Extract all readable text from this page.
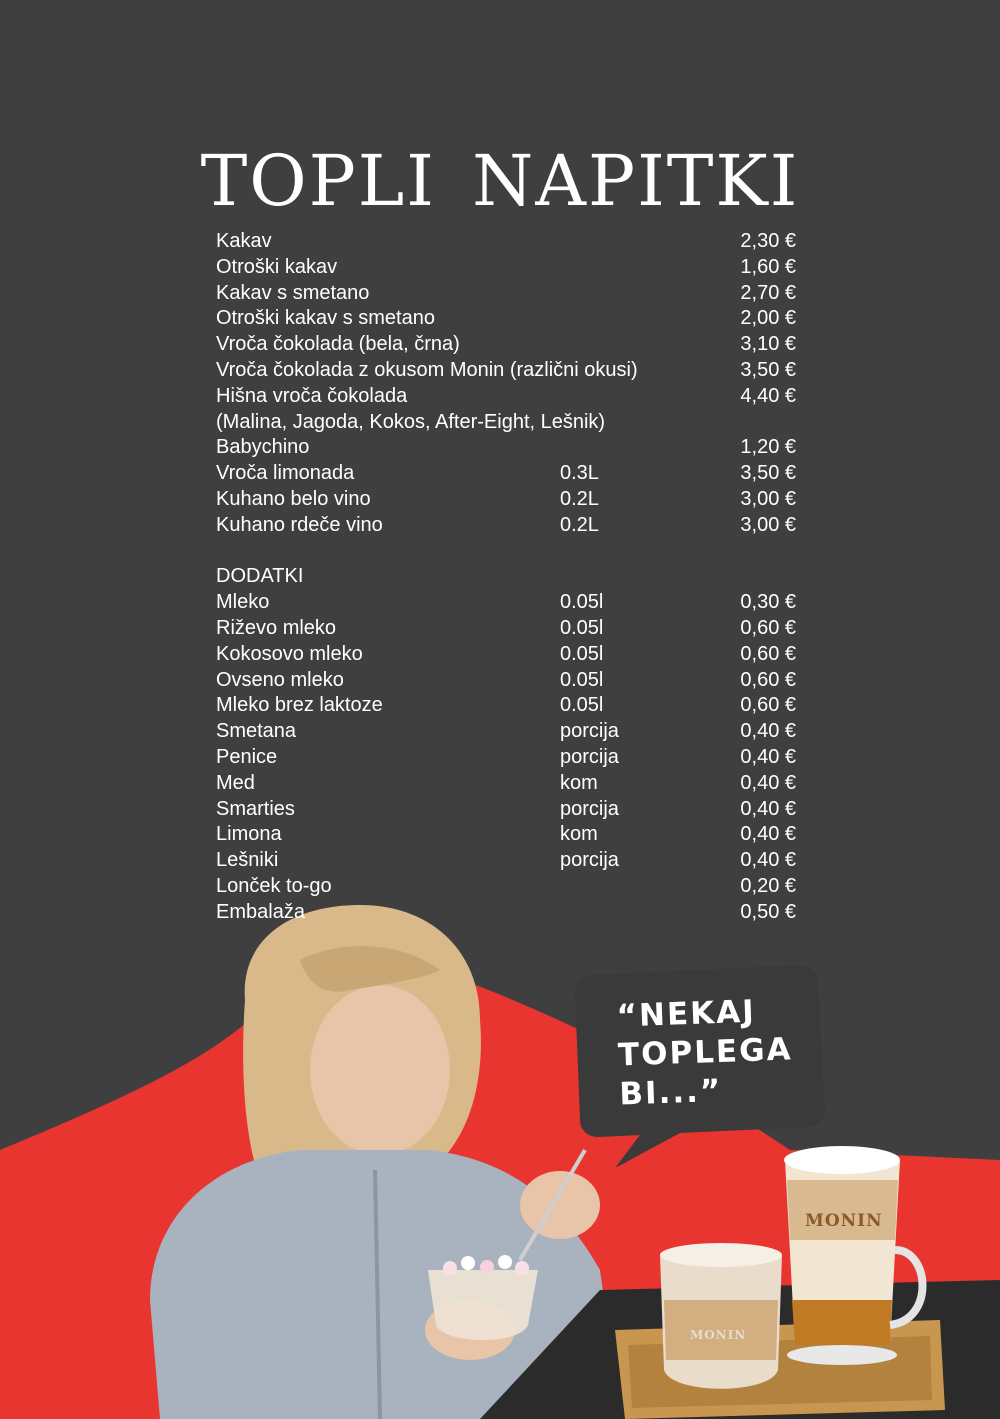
TOPLI NAPITKI
Kakav	2,30 €
Otroški kakav	1,60 €
Kakav s smetano	2,70 €
Otroški kakav s smetano	2,00 €
Vroča čokolada (bela, črna)	3,10 €
Vroča čokolada z okusom Monin (različni okusi)	3,50 €
Hišna vroča čokolada	4,40 €
(Malina, Jagoda, Kokos, After-Eight, Lešnik)
Babychino	1,20 €
Vroča limonada	0.3L	3,50 €
Kuhano belo vino	0.2L	3,00 €
Kuhano rdeče vino	0.2L	3,00 €
DODATKI
Mleko	0.05l	0,30 €
Riževo mleko	0.05l	0,60 €
Kokosovo mleko	0.05l	0,60 €
Ovseno mleko	0.05l	0,60 €
Mleko brez laktoze	0.05l	0,60 €
Smetana	porcija	0,40 €
Penice	porcija	0,40 €
Med	kom	0,40 €
Smarties	porcija	0,40 €
Limona	kom	0,40 €
Lešniki	porcija	0,40 €
Lonček to-go	0,20 €
Embalaža	0,50 €
“NEKAJ
TOPLEGA
BI...”
MONIN
MONIN
